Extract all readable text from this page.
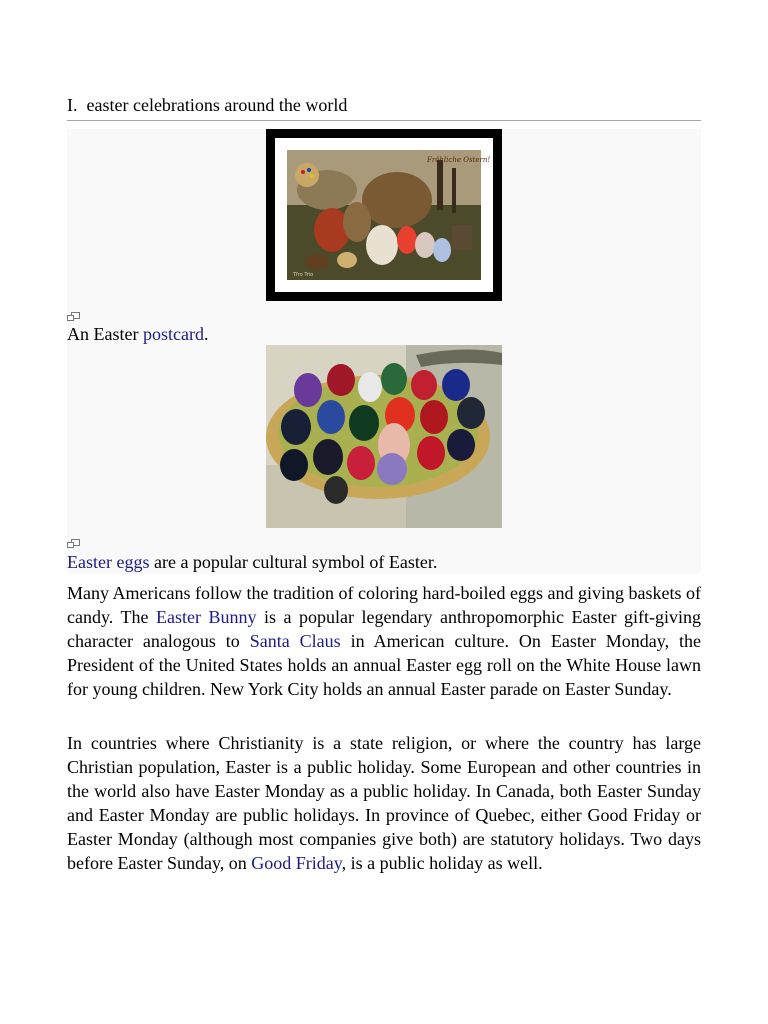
I. easter celebrations around the world
Fröhliche Ostern!
Tfro Trio
An Easter postcard.
Easter eggs are a popular cultural symbol of Easter.

Many Americans follow the tradition of coloring hard-boiled eggs and giving baskets of candy. The Easter Bunny is a popular legendary anthropomorphic Easter gift-giving character analogous to Santa Claus in American culture. On Easter Monday, the President of the United States holds an annual Easter egg roll on the White House lawn for young children. New York City holds an annual Easter parade on Easter Sunday.

In countries where Christianity is a state religion, or where the country has large Christian population, Easter is a public holiday. Some European and other countries in the world also have Easter Monday as a public holiday. In Canada, both Easter Sunday and Easter Monday are public holidays. In province of Quebec, either Good Friday or Easter Monday (although most companies give both) are statutory holidays. Two days before Easter Sunday, on Good Friday, is a public holiday as well.
